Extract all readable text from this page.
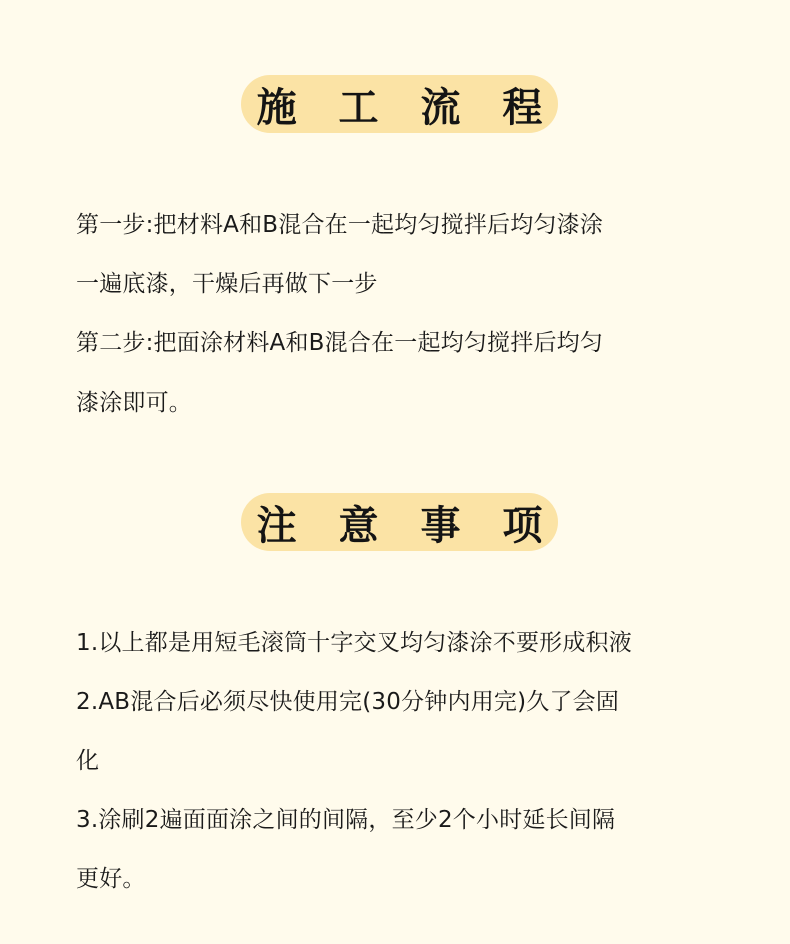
施 工 流 程
第一步:把材料A和B混合在一起均匀搅拌后均匀漆涂
一遍底漆，干燥后再做下一步
第二步:把面涂材料A和B混合在一起均匀搅拌后均匀
漆涂即可。
注 意 事 项
1.以上都是用短毛滚筒十字交叉均匀漆涂不要形成积液
2.AB混合后必须尽快使用完(30分钟内用完)久了会固
化
3.涂刷2遍面面涂之间的间隔，至少2个小时延长间隔
更好。
